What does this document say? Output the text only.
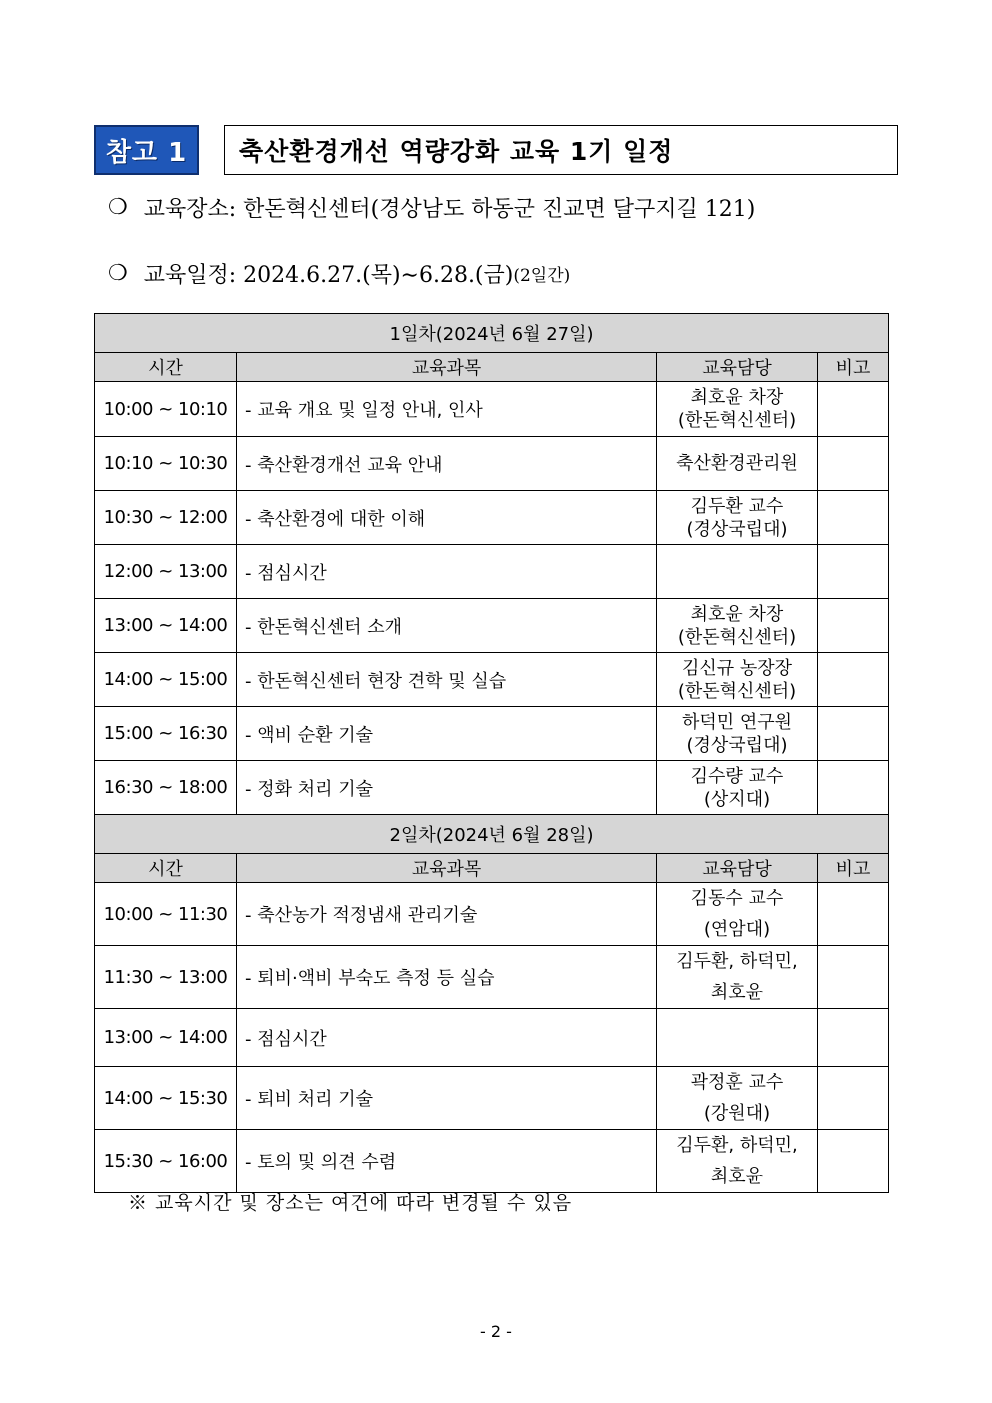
참고 1	축산환경개선 역량강화 교육 1기 일정
❍ 교육장소: 한돈혁신센터(경상남도 하동군 진교면 달구지길 121)
❍ 교육일정: 2024.6.27.(목)∼6.28.(금) (2일간)
1일차(2024년 6월 27일)			
시간	교육과목	교육담당	비고
10:00 ~ 10:10	- 교육 개요 및 일정 안내, 인사	최호윤 차장
(한돈혁신센터)	

10:10 ~ 10:30	- 축산환경개선 교육 안내	축산환경관리원	

10:30 ~ 12:00	- 축산환경에 대한 이해	김두환 교수
(경상국립대)	

12:00 ~ 13:00	- 점심시간		
13:00 ~ 14:00	- 한돈혁신센터 소개	최호윤 차장
(한돈혁신센터)	

14:00 ~ 15:00	- 한돈혁신센터 현장 견학 및 실습	김신규 농장장
(한돈혁신센터)	

15:00 ~ 16:30	- 액비 순환 기술	하덕민 연구원
(경상국립대)	

16:30 ~ 18:00	- 정화 처리 기술	김수량 교수
(상지대)	

2일차(2024년 6월 28일)			
시간	교육과목	교육담당	비고
10:00 ~ 11:30	- 축산농가 적정냄새 관리기술	김동수 교수
(연암대)	

11:30 ~ 13:00	- 퇴비·액비 부숙도 측정 등 실습	김두환, 하덕민,
최호윤	

13:00 ~ 14:00	- 점심시간		
14:00 ~ 15:30	- 퇴비 처리 기술	곽정훈 교수
(강원대)	

15:30 ~ 16:00	- 토의 및 의견 수렴	김두환, 하덕민,
최호윤	

※ 교육시간 및 장소는 여건에 따라 변경될 수 있음
- 2 -
